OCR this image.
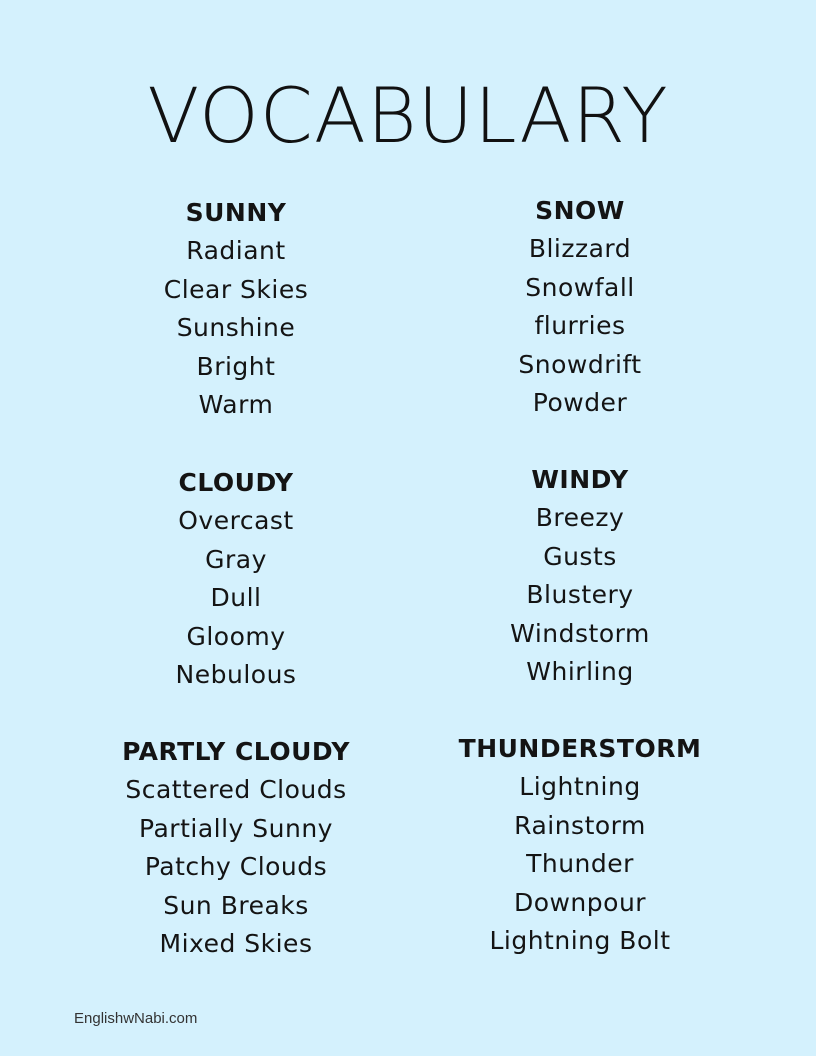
VOCABULARY
SUNNY
Radiant
Clear Skies
Sunshine
Bright
Warm
CLOUDY
Overcast
Gray
Dull
Gloomy
Nebulous
PARTLY CLOUDY
Scattered Clouds
Partially Sunny
Patchy Clouds
Sun Breaks
Mixed Skies
SNOW
Blizzard
Snowfall
flurries
Snowdrift
Powder
WINDY
Breezy
Gusts
Blustery
Windstorm
Whirling
THUNDERSTORM
Lightning
Rainstorm
Thunder
Downpour
Lightning Bolt
EnglishwNabi.com
